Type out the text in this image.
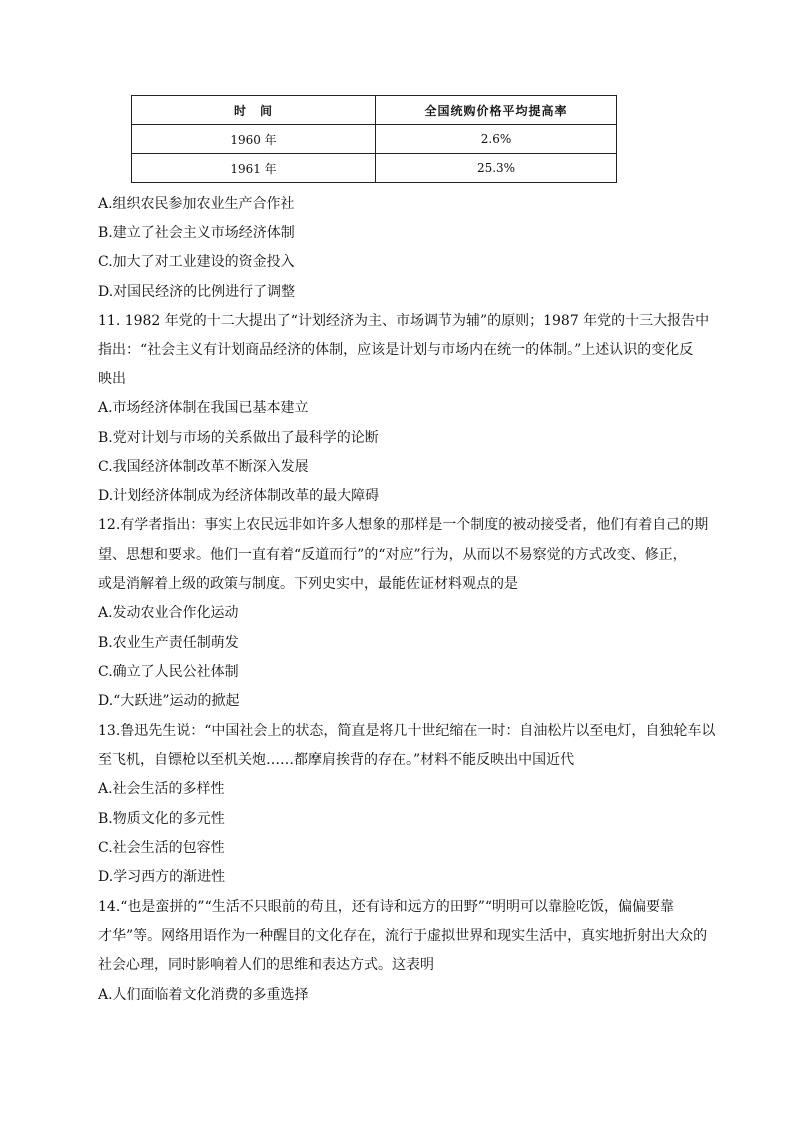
时　间	全国统购价格平均提高率
1960 年	2.6%
1961 年	25.3%
A.组织农民参加农业生产合作社
B.建立了社会主义市场经济体制
C.加大了对工业建设的资金投入
D.对国民经济的比例进行了调整
11. 1982 年党的十二大提出了“计划经济为主、市场调节为辅”的原则；1987 年党的十三大报告中
指出：“社会主义有计划商品经济的体制，应该是计划与市场内在统一的体制。”上述认识的变化反
映出
A.市场经济体制在我国已基本建立
B.党对计划与市场的关系做出了最科学的论断
C.我国经济体制改革不断深入发展
D.计划经济体制成为经济体制改革的最大障碍
12.有学者指出：事实上农民远非如许多人想象的那样是一个制度的被动接受者，他们有着自己的期
望、思想和要求。他们一直有着“反道而行”的“对应”行为，从而以不易察觉的方式改变、修正，
或是消解着上级的政策与制度。下列史实中，最能佐证材料观点的是
A.发动农业合作化运动
B.农业生产责任制萌发
C.确立了人民公社体制
D.“大跃进”运动的掀起
13.鲁迅先生说：“中国社会上的状态，简直是将几十世纪缩在一时：自油松片以至电灯，自独轮车以
至飞机，自镖枪以至机关炮……都摩肩挨背的存在。”材料不能反映出中国近代
A.社会生活的多样性
B.物质文化的多元性
C.社会生活的包容性
D.学习西方的渐进性
14.“也是蛮拼的”“生活不只眼前的苟且，还有诗和远方的田野”“明明可以靠脸吃饭，偏偏要靠
才华”等。网络用语作为一种醒目的文化存在，流行于虚拟世界和现实生活中，真实地折射出大众的
社会心理，同时影响着人们的思维和表达方式。这表明
A.人们面临着文化消费的多重选择
